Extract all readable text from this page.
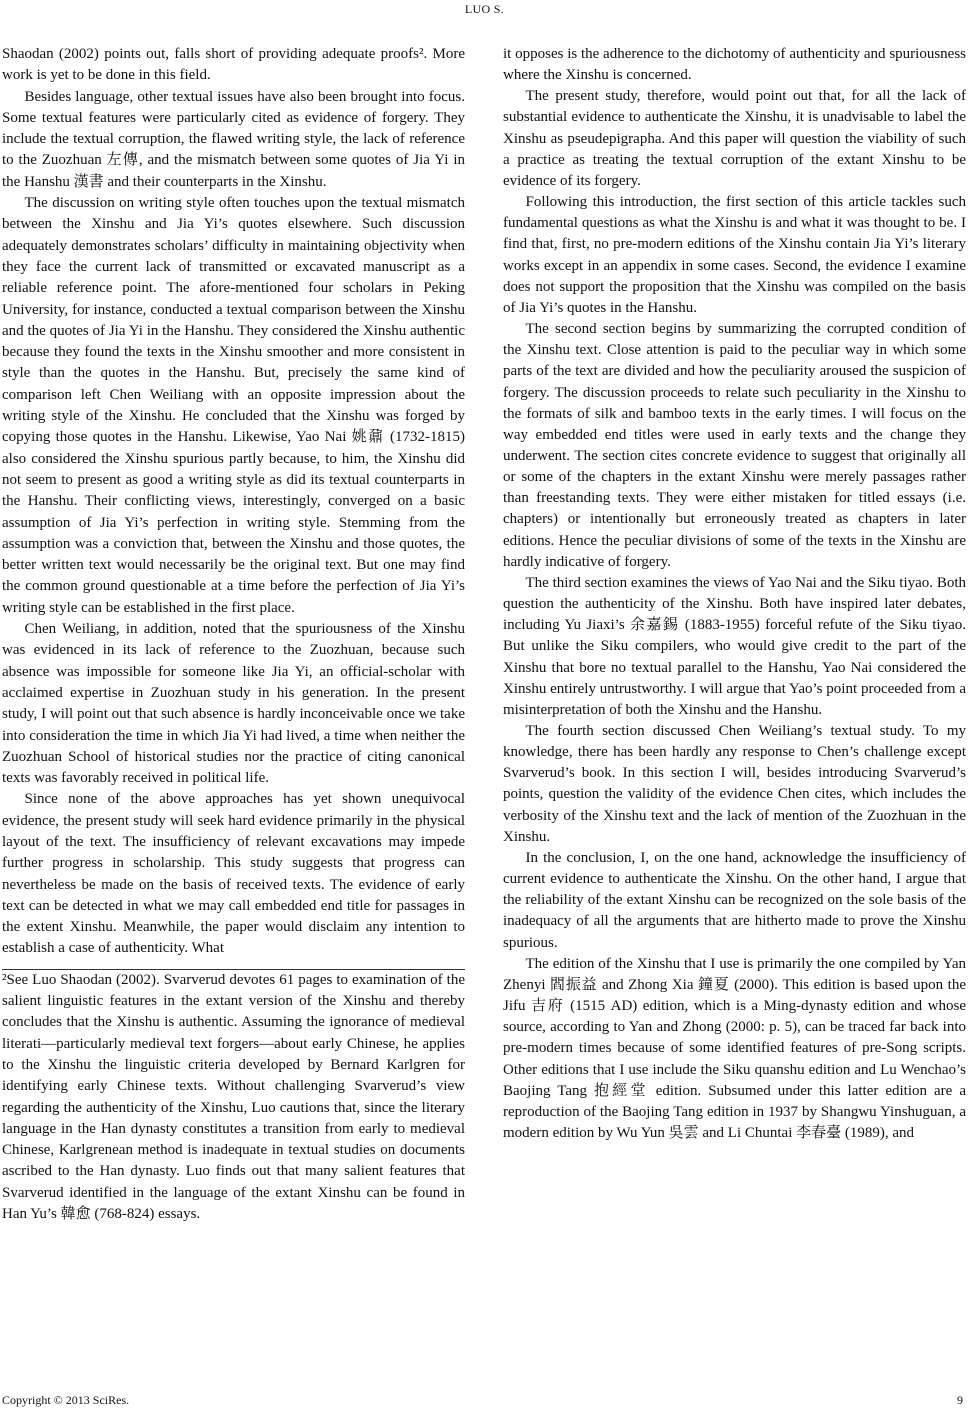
LUO S.

Shaodan (2002) points out, falls short of providing adequate proofs². More work is yet to be done in this field.

Besides language, other textual issues have also been brought into focus. Some textual features were particularly cited as evidence of forgery. They include the textual corruption, the flawed writing style, the lack of reference to the Zuozhuan 左傳, and the mismatch between some quotes of Jia Yi in the Hanshu 漢書 and their counterparts in the Xinshu.

The discussion on writing style often touches upon the textual mismatch between the Xinshu and Jia Yi’s quotes elsewhere. Such discussion adequately demonstrates scholars’ difficulty in maintaining objectivity when they face the current lack of transmitted or excavated manuscript as a reliable reference point. The afore-mentioned four scholars in Peking University, for instance, conducted a textual comparison between the Xinshu and the quotes of Jia Yi in the Hanshu. They considered the Xinshu authentic because they found the texts in the Xinshu smoother and more consistent in style than the quotes in the Hanshu. But, precisely the same kind of comparison left Chen Weiliang with an opposite impression about the writing style of the Xinshu. He concluded that the Xinshu was forged by copying those quotes in the Hanshu. Likewise, Yao Nai 姚鼐 (1732-1815) also considered the Xinshu spurious partly because, to him, the Xinshu did not seem to present as good a writing style as did its textual counterparts in the Hanshu. Their conflicting views, interestingly, converged on a basic assumption of Jia Yi’s perfection in writing style. Stemming from the assumption was a conviction that, between the Xinshu and those quotes, the better written text would necessarily be the original text. But one may find the common ground questionable at a time before the perfection of Jia Yi’s writing style can be established in the first place.

Chen Weiliang, in addition, noted that the spuriousness of the Xinshu was evidenced in its lack of reference to the Zuozhuan, because such absence was impossible for someone like Jia Yi, an official-scholar with acclaimed expertise in Zuozhuan study in his generation. In the present study, I will point out that such absence is hardly inconceivable once we take into consideration the time in which Jia Yi had lived, a time when neither the Zuozhuan School of historical studies nor the practice of citing canonical texts was favorably received in political life.

Since none of the above approaches has yet shown unequivocal evidence, the present study will seek hard evidence primarily in the physical layout of the text. The insufficiency of relevant excavations may impede further progress in scholarship. This study suggests that progress can nevertheless be made on the basis of received texts. The evidence of early text can be detected in what we may call embedded end title for passages in the extent Xinshu. Meanwhile, the paper would disclaim any intention to establish a case of authenticity. What

²See Luo Shaodan (2002). Svarverud devotes 61 pages to examination of the salient linguistic features in the extant version of the Xinshu and thereby concludes that the Xinshu is authentic. Assuming the ignorance of medieval literati—particularly medieval text forgers—about early Chinese, he applies to the Xinshu the linguistic criteria developed by Bernard Karlgren for identifying early Chinese texts. Without challenging Svarverud’s view regarding the authenticity of the Xinshu, Luo cautions that, since the literary language in the Han dynasty constitutes a transition from early to medieval Chinese, Karlgrenean method is inadequate in textual studies on documents ascribed to the Han dynasty. Luo finds out that many salient features that Svarverud identified in the language of the extant Xinshu can be found in Han Yu’s 韓愈 (768-824) essays.

it opposes is the adherence to the dichotomy of authenticity and spuriousness where the Xinshu is concerned.

The present study, therefore, would point out that, for all the lack of substantial evidence to authenticate the Xinshu, it is unadvisable to label the Xinshu as pseudepigrapha. And this paper will question the viability of such a practice as treating the textual corruption of the extant Xinshu to be evidence of its forgery.

Following this introduction, the first section of this article tackles such fundamental questions as what the Xinshu is and what it was thought to be. I find that, first, no pre-modern editions of the Xinshu contain Jia Yi’s literary works except in an appendix in some cases. Second, the evidence I examine does not support the proposition that the Xinshu was compiled on the basis of Jia Yi’s quotes in the Hanshu.

The second section begins by summarizing the corrupted condition of the Xinshu text. Close attention is paid to the peculiar way in which some parts of the text are divided and how the peculiarity aroused the suspicion of forgery. The discussion proceeds to relate such peculiarity in the Xinshu to the formats of silk and bamboo texts in the early times. I will focus on the way embedded end titles were used in early texts and the change they underwent. The section cites concrete evidence to suggest that originally all or some of the chapters in the extant Xinshu were merely passages rather than freestanding texts. They were either mistaken for titled essays (i.e. chapters) or intentionally but erroneously treated as chapters in later editions. Hence the peculiar divisions of some of the texts in the Xinshu are hardly indicative of forgery.

The third section examines the views of Yao Nai and the Siku tiyao. Both question the authenticity of the Xinshu. Both have inspired later debates, including Yu Jiaxi’s 余嘉錫 (1883-1955) forceful refute of the Siku tiyao. But unlike the Siku compilers, who would give credit to the part of the Xinshu that bore no textual parallel to the Hanshu, Yao Nai considered the Xinshu entirely untrustworthy. I will argue that Yao’s point proceeded from a misinterpretation of both the Xinshu and the Hanshu.

The fourth section discussed Chen Weiliang’s textual study. To my knowledge, there has been hardly any response to Chen’s challenge except Svarverud’s book. In this section I will, besides introducing Svarverud’s points, question the validity of the evidence Chen cites, which includes the verbosity of the Xinshu text and the lack of mention of the Zuozhuan in the Xinshu.

In the conclusion, I, on the one hand, acknowledge the insufficiency of current evidence to authenticate the Xinshu. On the other hand, I argue that the reliability of the extant Xinshu can be recognized on the sole basis of the inadequacy of all the arguments that are hitherto made to prove the Xinshu spurious.

The edition of the Xinshu that I use is primarily the one compiled by Yan Zhenyi 閻振益 and Zhong Xia 鐘夏 (2000). This edition is based upon the Jifu 吉府 (1515 AD) edition, which is a Ming-dynasty edition and whose source, according to Yan and Zhong (2000: p. 5), can be traced far back into pre-modern times because of some identified features of pre-Song scripts. Other editions that I use include the Siku quanshu edition and Lu Wenchao’s Baojing Tang 抱經堂 edition. Subsumed under this latter edition are a reproduction of the Baojing Tang edition in 1937 by Shangwu Yinshuguan, a modern edition by Wu Yun 吳雲 and Li Chuntai 李春臺 (1989), and

Copyright © 2013 SciRes.	9
